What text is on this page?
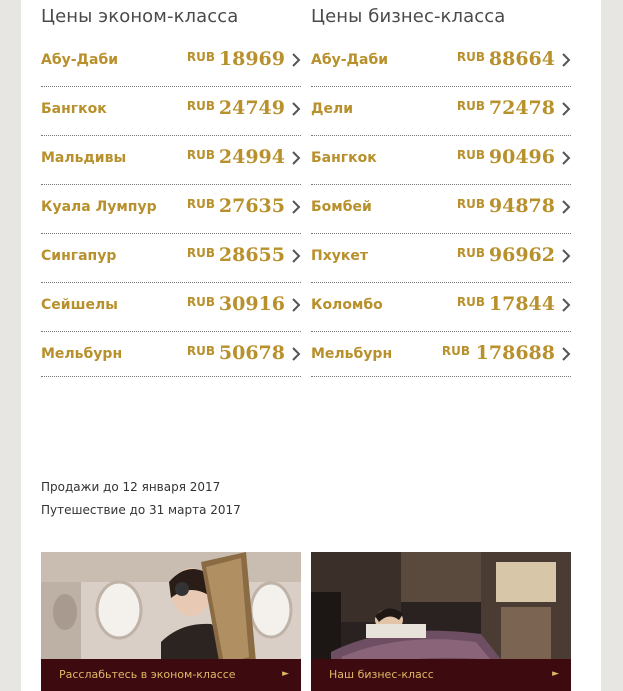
Цены эконом-класса
Абу-Даби	RUB 18969
Бангкок	RUB 24749
Мальдивы	RUB 24994
Куала Лумпур	RUB 27635
Сингапур	RUB 28655
Сейшелы	RUB 30916
Мельбурн	RUB 50678
Цены бизнес-класса
Абу-Даби	RUB 88664
Дели	RUB 72478
Бангкок	RUB 90496
Бомбей	RUB 94878
Пхукет	RUB 96962
Коломбо	RUB 17844
Мельбурн	RUB 178688
Продажи до 12 января 2017
Путешествие до 31 марта 2017
Расслабьтесь в эконом-классе	►	Наш бизнес-класс	►
